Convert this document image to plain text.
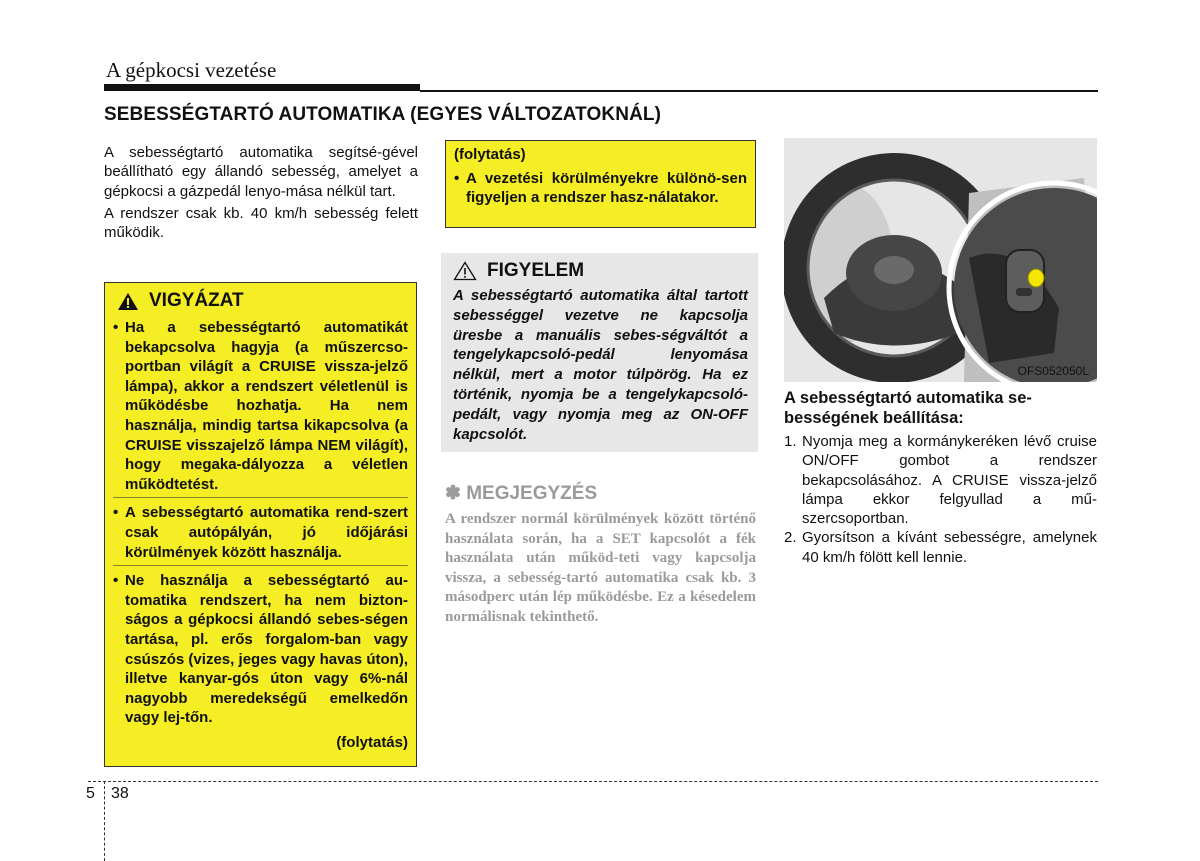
A gépkocsi vezetése
SEBESSÉGTARTÓ AUTOMATIKA (EGYES VÁLTOZATOKNÁL)

A sebességtartó automatika segítsé-gével beállítható egy állandó sebesség, amelyet a gépkocsi a gázpedál lenyo-mása nélkül tart.

A rendszer csak kb. 40 km/h sebesség felett működik.

VIGYÁZAT
• Ha a sebességtartó automatikát bekapcsolva hagyja (a műszercso-portban világít a CRUISE vissza-jelző lámpa), akkor a rendszert véletlenül is működésbe hozhatja. Ha nem használja, mindig tartsa kikapcsolva (a CRUISE visszajelző lámpa NEM világít), hogy megaka-dályozza a véletlen működtetést.
• A sebességtartó automatika rend-szert csak autópályán, jó időjárási körülmények között használja.
• Ne használja a sebességtartó au-tomatika rendszert, ha nem bizton-ságos a gépkocsi állandó sebes-ségen tartása, pl. erős forgalom-ban vagy csúszós (vizes, jeges vagy havas úton), illetve kanyar-gós úton vagy 6%-nál nagyobb meredekségű emelkedőn vagy lej-tőn.
(folytatás)
(folytatás)
• A vezetési körülményekre különö-sen figyeljen a rendszer hasz-nálatakor.
FIGYELEM
A sebességtartó automatika által tartott sebességgel vezetve ne kapcsolja üresbe a manuális sebes-ségváltót a tengelykapcsoló-pedál lenyomása nélkül, mert a motor túlpörög. Ha ez történik, nyomja be a tengelykapcsoló-pedált, vagy nyomja meg az ON-OFF kapcsolót.
✽ MEGJEGYZÉS
A rendszer normál körülmények között történő használata során, ha a SET kapcsolót a fék használata után működ-teti vagy kapcsolja vissza, a sebesség-tartó automatika csak kb. 3 másodperc után lép működésbe. Ez a késedelem normálisnak tekinthető.
OFS052050L
A sebességtartó automatika se-bességének beállítása:
1. Nyomja meg a kormánykeréken lévő cruise ON/OFF gombot a rendszer bekapcsolásához. A CRUISE vissza-jelző lámpa ekkor felgyullad a mű-szercsoportban.
2. Gyorsítson a kívánt sebességre, amelynek 40 km/h fölött kell lennie.
5 38
